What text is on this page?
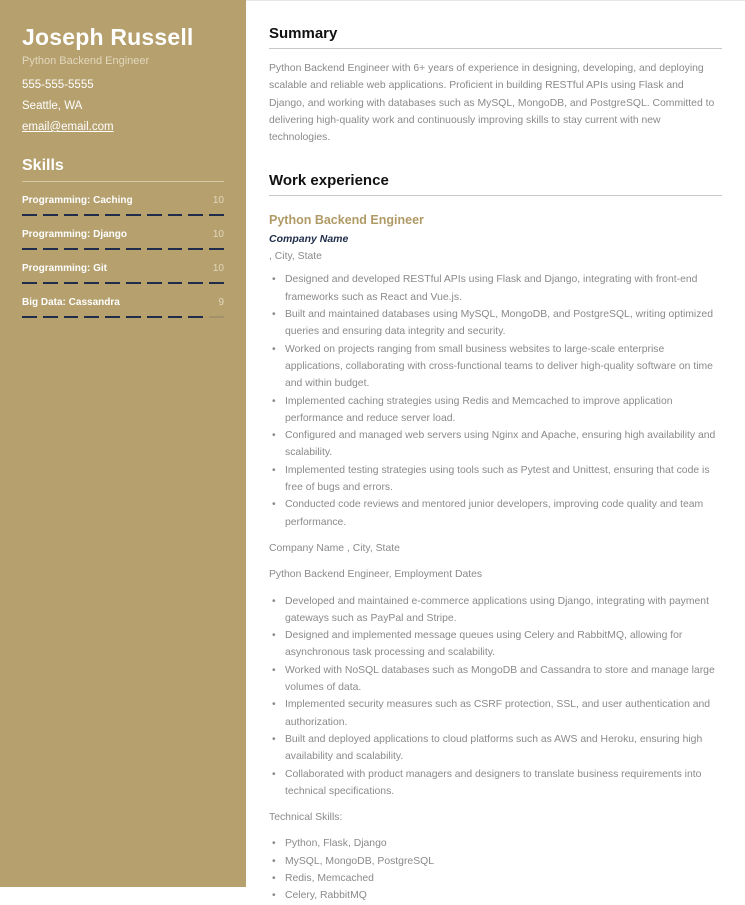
Joseph Russell
Python Backend Engineer
555-555-5555
Seattle, WA
email@email.com
Skills
Programming: Caching	10
Programming: Django	10
Programming: Git	10
Big Data: Cassandra	9
Summary

Python Backend Engineer with 6+ years of experience in designing, developing, and deploying scalable and reliable web applications. Proficient in building RESTful APIs using Flask and Django, and working with databases such as MySQL, MongoDB, and PostgreSQL. Committed to delivering high-quality work and continuously improving skills to stay current with new technologies.

Work experience
Python Backend Engineer
Company Name
, City, State
• Designed and developed RESTful APIs using Flask and Django, integrating with front-end frameworks such as React and Vue.js.
• Built and maintained databases using MySQL, MongoDB, and PostgreSQL, writing optimized queries and ensuring data integrity and security.
• Worked on projects ranging from small business websites to large-scale enterprise applications, collaborating with cross-functional teams to deliver high-quality software on time and within budget.
• Implemented caching strategies using Redis and Memcached to improve application performance and reduce server load.
• Configured and managed web servers using Nginx and Apache, ensuring high availability and scalability.
• Implemented testing strategies using tools such as Pytest and Unittest, ensuring that code is free of bugs and errors.
• Conducted code reviews and mentored junior developers, improving code quality and team performance.
Company Name , City, State
Python Backend Engineer, Employment Dates
• Developed and maintained e-commerce applications using Django, integrating with payment gateways such as PayPal and Stripe.
• Designed and implemented message queues using Celery and RabbitMQ, allowing for asynchronous task processing and scalability.
• Worked with NoSQL databases such as MongoDB and Cassandra to store and manage large volumes of data.
• Implemented security measures such as CSRF protection, SSL, and user authentication and authorization.
• Built and deployed applications to cloud platforms such as AWS and Heroku, ensuring high availability and scalability.
• Collaborated with product managers and designers to translate business requirements into technical specifications.
Technical Skills:
• Python, Flask, Django
• MySQL, MongoDB, PostgreSQL
• Redis, Memcached
• Celery, RabbitMQ
